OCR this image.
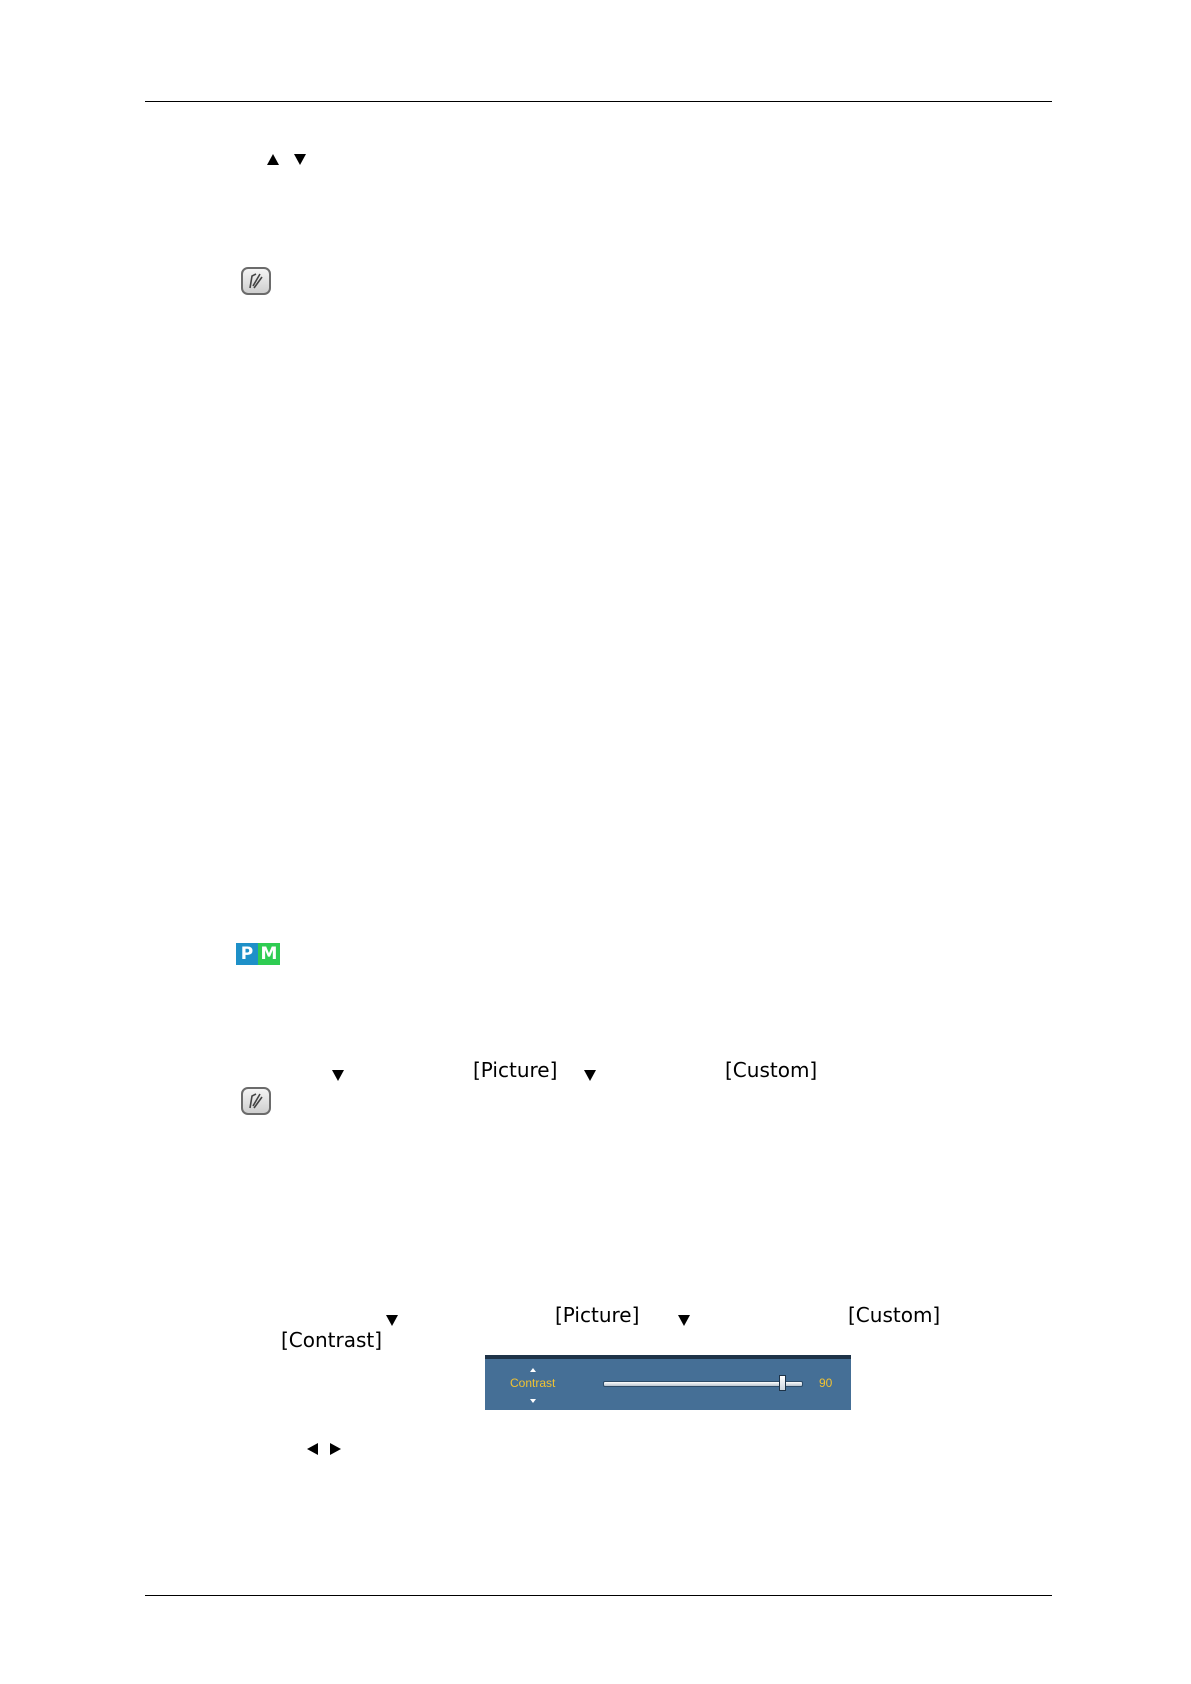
P M
[Picture]	[Custom]
[Picture]	[Custom]
[Contrast]
Contrast	90
